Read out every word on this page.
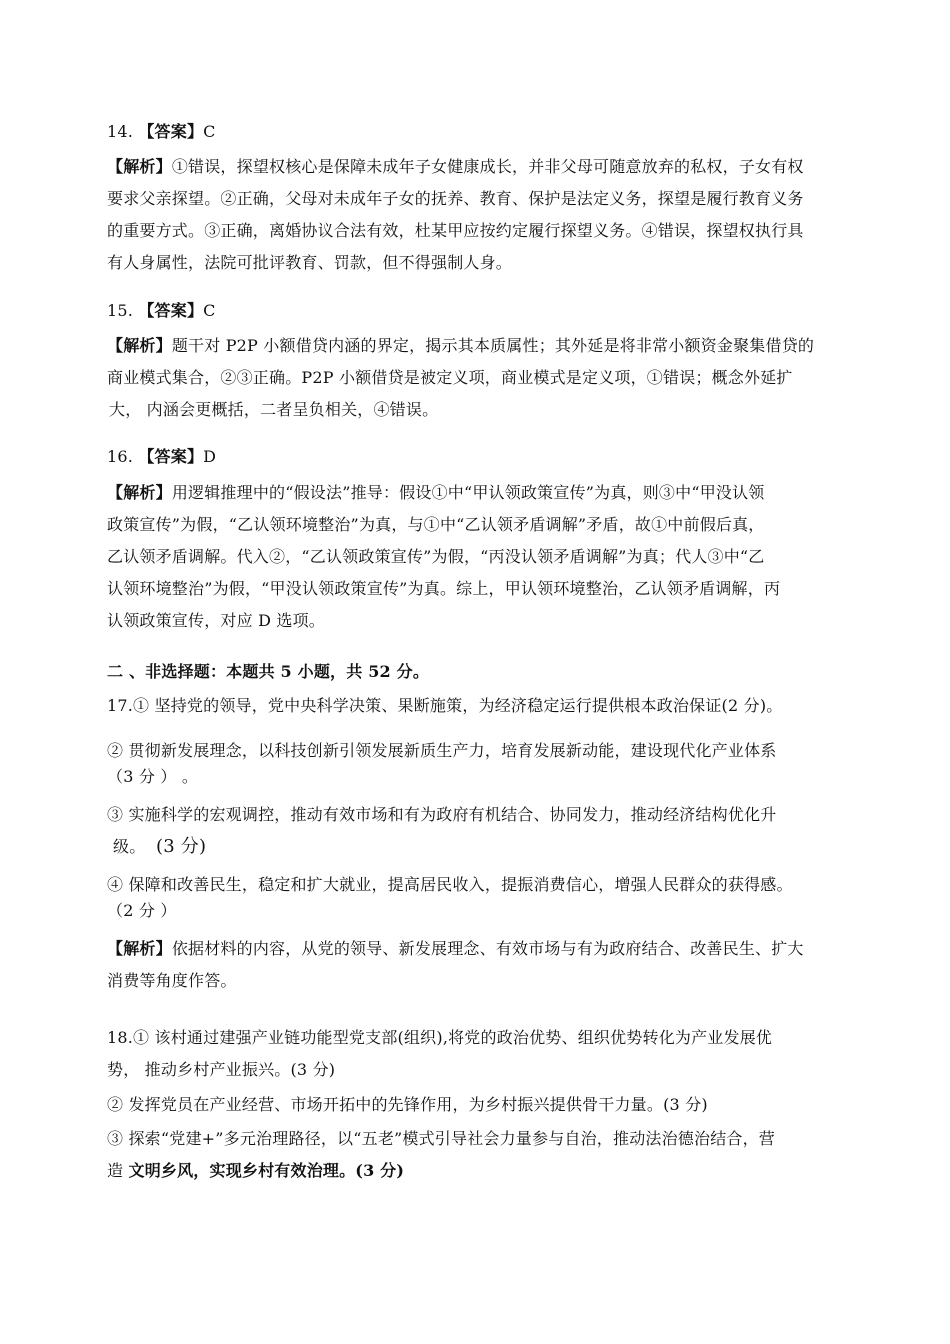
14. 【答案】C
【解析】①错误，探望权核心是保障未成年子女健康成长，并非父母可随意放弃的私权，子女有权
要求父亲探望。②正确，父母对未成年子女的抚养、教育、保护是法定义务，探望是履行教育义务
的重要方式。③正确，离婚协议合法有效，杜某甲应按约定履行探望义务。④错误，探望权执行具
有人身属性，法院可批评教育、罚款，但不得强制人身。
15. 【答案】C
【解析】题干对 P2P 小额借贷内涵的界定，揭示其本质属性；其外延是将非常小额资金聚集借贷的
商业模式集合，②③正确。P2P 小额借贷是被定义项，商业模式是定义项，①错误；概念外延扩
大， 内涵会更概括，二者呈负相关，④错误。
16. 【答案】D
【解析】用逻辑推理中的“假设法”推导：假设①中“甲认领政策宣传”为真，则③中“甲没认领
政策宣传”为假，“乙认领环境整治”为真，与①中“乙认领矛盾调解”矛盾，故①中前假后真，
乙认领矛盾调解。代入②，“乙认领政策宣传”为假，“丙没认领矛盾调解”为真；代人③中“乙
认领环境整治”为假，“甲没认领政策宣传”为真。综上，甲认领环境整治，乙认领矛盾调解，丙
认领政策宣传，对应 D 选项。
二 、非选择题：本题共 5 小题，共 52 分。
17.① 坚持党的领导，党中央科学决策、果断施策，为经济稳定运行提供根本政治保证(2 分)。
② 贯彻新发展理念，以科技创新引领发展新质生产力，培育发展新动能，建设现代化产业体系
（3 分 ） 。
③ 实施科学的宏观调控，推动有效市场和有为政府有机结合、协同发力，推动经济结构优化升
级。 (3 分)
④ 保障和改善民生，稳定和扩大就业，提高居民收入，提振消费信心，增强人民群众的获得感。
（2 分 ）
【解析】依据材料的内容，从党的领导、新发展理念、有效市场与有为政府结合、改善民生、扩大
消费等角度作答。
18.① 该村通过建强产业链功能型党支部(组织),将党的政治优势、组织优势转化为产业发展优
势， 推动乡村产业振兴。(3 分)
② 发挥党员在产业经营、市场开拓中的先锋作用，为乡村振兴提供骨干力量。(3 分)
③ 探索“党建+”多元治理路径，以“五老”模式引导社会力量参与自治，推动法治德治结合，营
造 文明乡风，实现乡村有效治理。(3 分)
